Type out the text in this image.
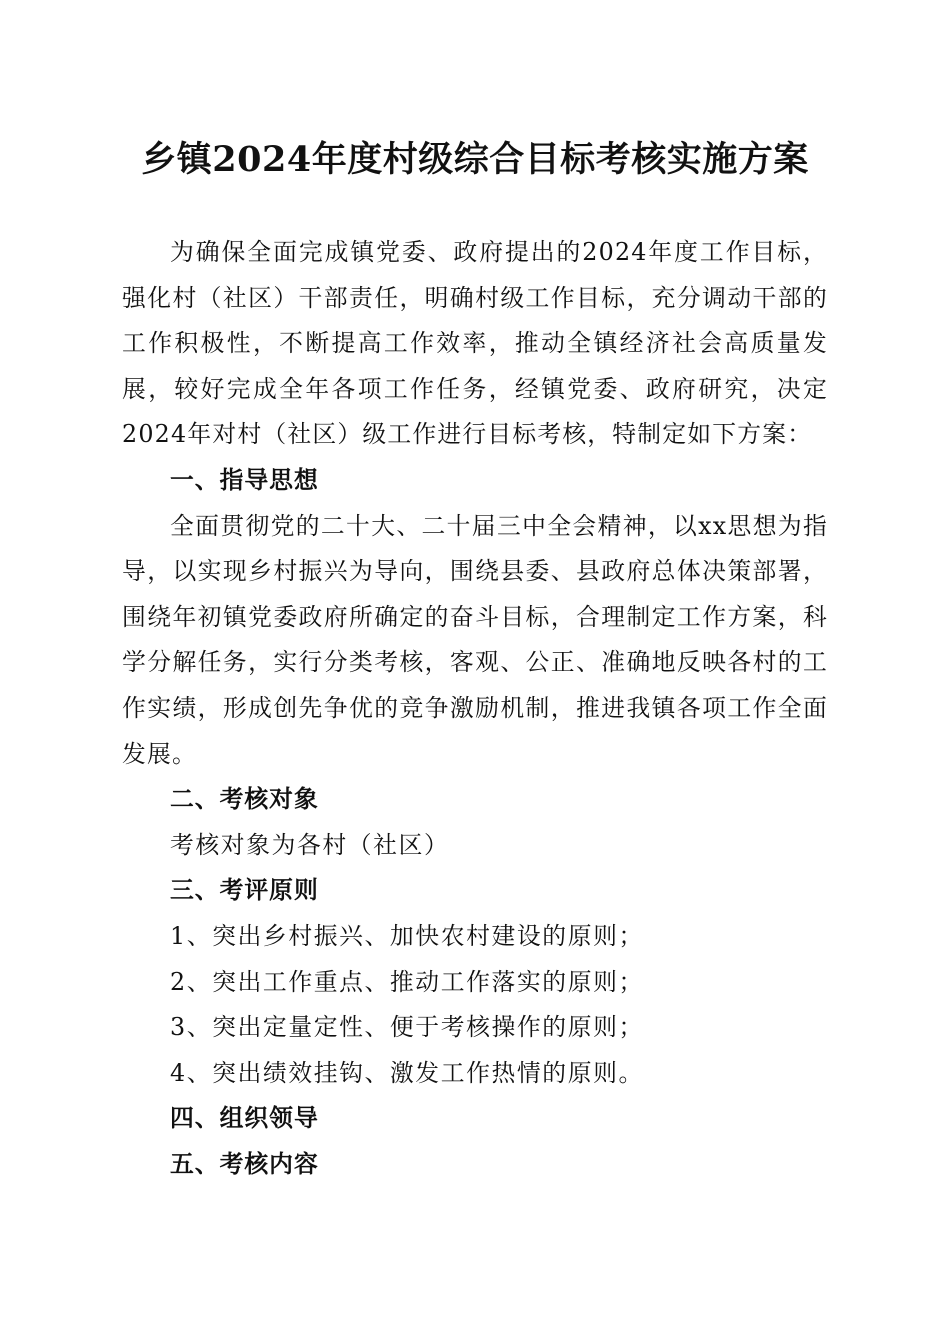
乡镇2024年度村级综合目标考核实施方案

为确保全面完成镇党委、政府提出的2024年度工作目标，强化村（社区）干部责任，明确村级工作目标，充分调动干部的工作积极性，不断提高工作效率，推动全镇经济社会高质量发展，较好完成全年各项工作任务，经镇党委、政府研究，决定2024年对村（社区）级工作进行目标考核，特制定如下方案：

一、指导思想

全面贯彻党的二十大、二十届三中全会精神，以xx思想为指导，以实现乡村振兴为导向，围绕县委、县政府总体决策部署，围绕年初镇党委政府所确定的奋斗目标，合理制定工作方案，科学分解任务，实行分类考核，客观、公正、准确地反映各村的工作实绩，形成创先争优的竞争激励机制，推进我镇各项工作全面发展。

二、考核对象

考核对象为各村（社区）

三、考评原则

1、突出乡村振兴、加快农村建设的原则；

2、突出工作重点、推动工作落实的原则；

3、突出定量定性、便于考核操作的原则；

4、突出绩效挂钩、激发工作热情的原则。

四、组织领导

五、考核内容
